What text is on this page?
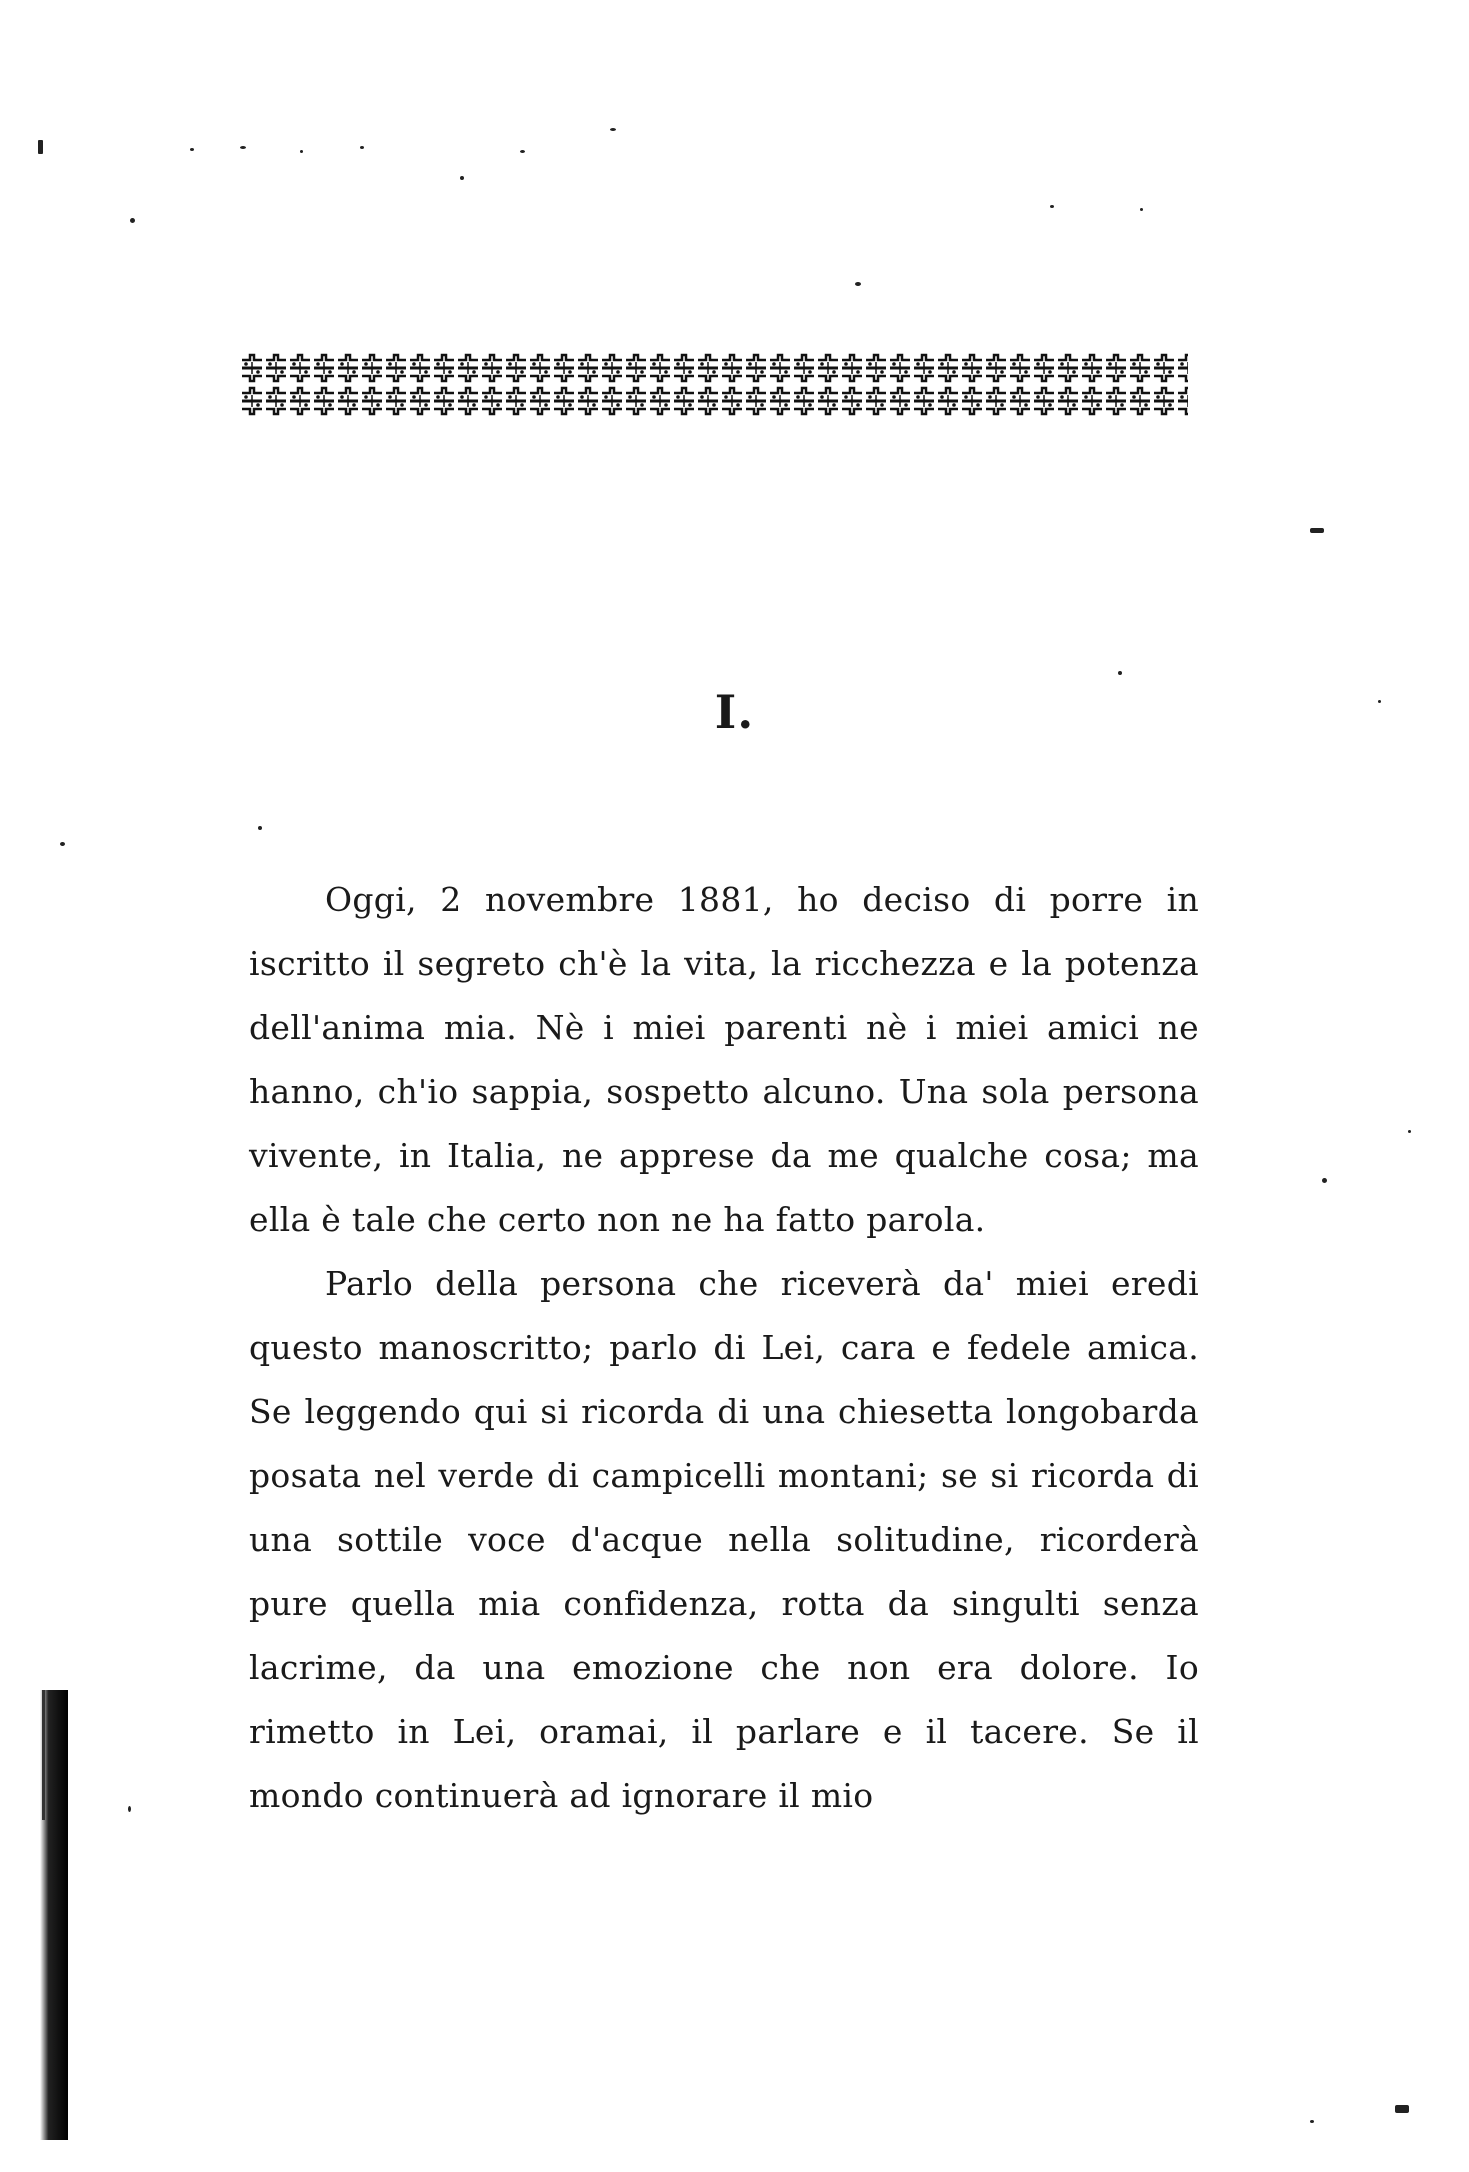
I.

Oggi, 2 novembre 1881, ho deciso di porre in iscritto il segreto ch'è la vita, la ricchezza e la potenza dell'anima mia. Nè i miei parenti nè i miei amici ne hanno, ch'io sappia, sospetto alcuno. Una sola persona vivente, in Italia, ne apprese da me qualche cosa; ma ella è tale che certo non ne ha fatto parola.

Parlo della persona che riceverà da' miei eredi questo manoscritto; parlo di Lei, cara e fedele amica. Se leggendo qui si ricorda di una chiesetta longobarda posata nel verde di campicelli montani; se si ricorda di una sottile voce d'acque nella solitudine, ricorderà pure quella mia confidenza, rotta da singulti senza lacrime, da una emozione che non era dolore. Io rimetto in Lei, oramai, il parlare e il tacere. Se il mondo continuerà ad ignorare il mio
